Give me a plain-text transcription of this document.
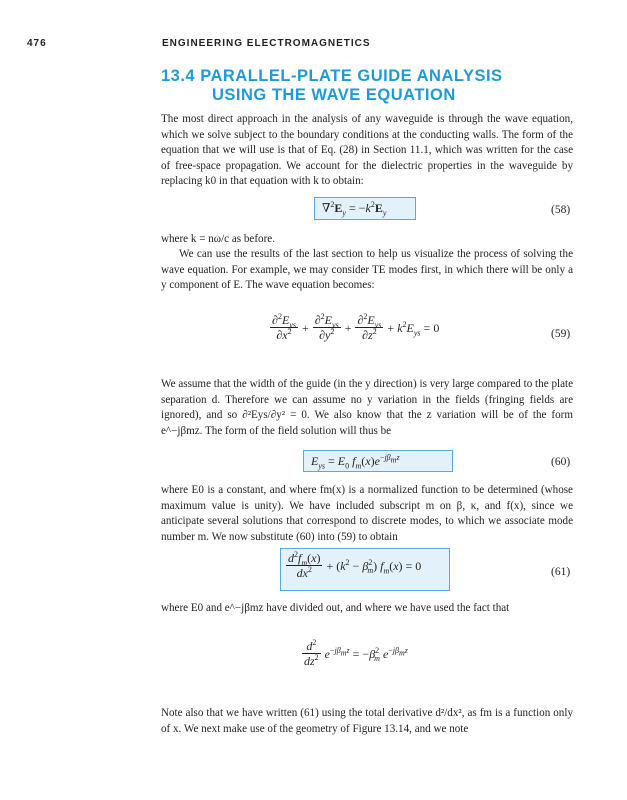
476	ENGINEERING ELECTROMAGNETICS
13.4 PARALLEL-PLATE GUIDE ANALYSIS
USING THE WAVE EQUATION
The most direct approach in the analysis of any waveguide is through the wave equation, which we solve subject to the boundary conditions at the conducting walls. The form of the equation that we will use is that of Eq. (28) in Section 11.1, which was written for the case of free-space propagation. We account for the dielectric properties in the waveguide by replacing k0 in that equation with k to obtain:
$\nabla^2E_y = -k^2E_y$	(58)
where k = nω/c as before.
We can use the results of the last section to help us visualize the process of solving the wave equation. For example, we may consider TE modes first, in which there will be only a y component of E. The wave equation becomes:
$\frac{\partial^2E_{ys}}{\partial x^2} + \frac{\partial^2E_{ys}}{\partial y^2} + \frac{\partial^2E_{ys}}{\partial z^2} + k^2E_{ys} = 0$	(59)
We assume that the width of the guide (in the y direction) is very large compared to the plate separation d. Therefore we can assume no y variation in the fields (fringing fields are ignored), and so ∂²Eys/∂y² = 0. We also know that the z variation will be of the form e^−jβmz. The form of the field solution will thus be
$E_{ys} = E_0$ $f_m(x)e^{-j\beta_mz}$	(60)
where E0 is a constant, and where fm(x) is a normalized function to be determined (whose maximum value is unity). We have included subscript m on β, κ, and f(x), since we anticipate several solutions that correspond to discrete modes, to which we associate mode number m. We now substitute (60) into (59) to obtain
$\frac{d^2f_m(x)}{dx^2} + (k^2 - \beta^2_m) f_m(x) = 0$	(61)
where E0 and e^−jβmz have divided out, and where we have used the fact that
$\frac{d^2}{dz^2} e^{-j\beta_mz} = -\beta^2_m$ $e^{-j\beta_mz}$
Note also that we have written (61) using the total derivative d²/dx², as fm is a function only of x. We next make use of the geometry of Figure 13.14, and we note
